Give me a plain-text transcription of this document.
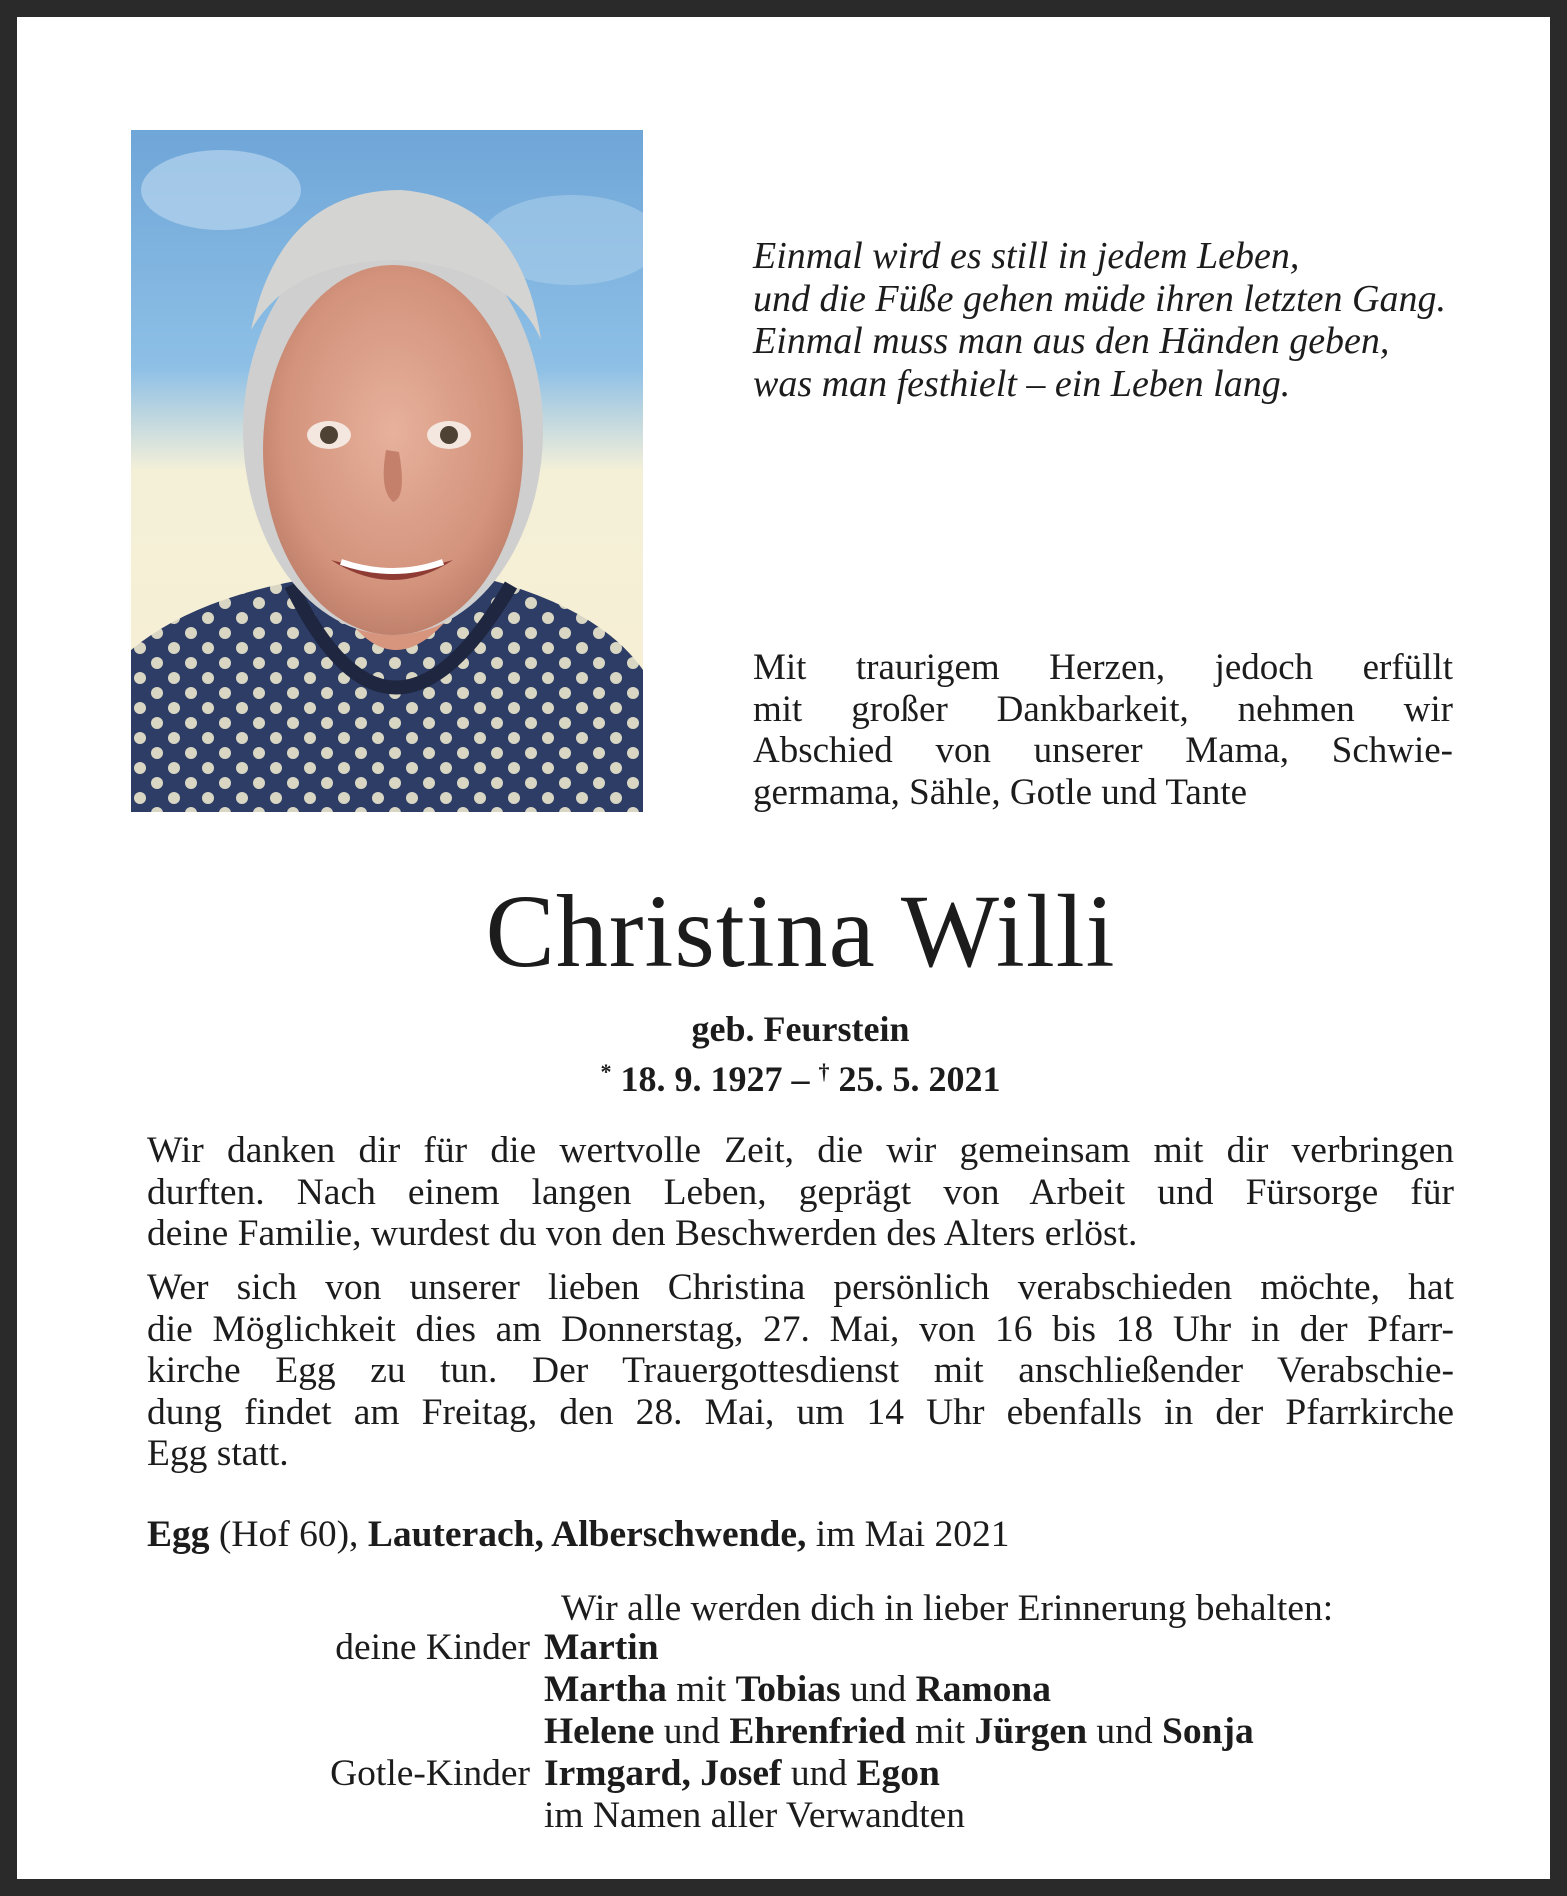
Einmal wird es still in jedem Leben,
und die Füße gehen müde ihren letzten Gang.
Einmal muss man aus den Händen geben,
was man festhielt – ein Leben lang.
Mit traurigem Herzen, jedoch erfüllt
mit großer Dankbarkeit, nehmen wir
Abschied von unserer Mama, Schwie-
germama, Sähle, Gotle und Tante
Christina Willi
geb. Feurstein
* 18. 9. 1927 – † 25. 5. 2021
Wir danken dir für die wertvolle Zeit, die wir gemeinsam mit dir verbringen
durften. Nach einem langen Leben, geprägt von Arbeit und Fürsorge für
deine Familie, wurdest du von den Beschwerden des Alters erlöst.
Wer sich von unserer lieben Christina persönlich verabschieden möchte, hat
die Möglichkeit dies am Donnerstag, 27. Mai, von 16 bis 18 Uhr in der Pfarr-
kirche Egg zu tun. Der Trauergottesdienst mit anschließender Verabschie-
dung findet am Freitag, den 28. Mai, um 14 Uhr ebenfalls in der Pfarrkirche
Egg statt.
Egg (Hof 60), Lauterach, Alberschwende, im Mai 2021
Wir alle werden dich in lieber Erinnerung behalten:
deine Kinder Martin
Martha mit Tobias und Ramona
Helene und Ehrenfried mit Jürgen und Sonja
Gotle-Kinder Irmgard, Josef und Egon
im Namen aller Verwandten
